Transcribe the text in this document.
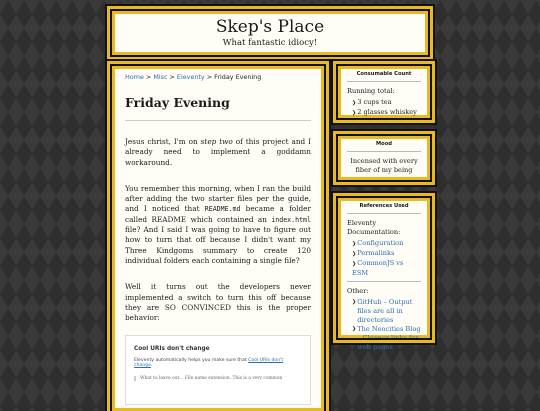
Skep's Place
What fantastic idiocy!
Home > Misc > Eleventy > Friday Evening
Friday Evening

Jesus christ, I'm on step two of this project and I already need to implement a goddamn workaround.

You remember this morning, when I ran the build after adding the two starter files per the guide, and I noticed that README.md became a folder called README which contained an index.html file? And I said I was going to have to figure out how to turn that off because I didn't want my Three Kindgoms summary to create 120 individual folders each containing a single file?

Well it turns out the developers never implemented a switch to turn this off because they are SO CONVINCED this is the proper behavior:

Cool URIs don't change
Eleventy automatically helps you make sure that Cool URIs don't change.
What to leave out... File name extension. This is a very common
Consumable Count
Running total:
❯3 cups tea
❯2 glasses whiskey
Mood
Incensed with every fiber of my being
References Used
Eleventy Documentation:
❯Configuration
❯Permalinks
❯CommonJS vs ESM
Other:
❯ GitHub – Output files are all in directories
❯ The Neocities Blog – Cleaner links for web pages
